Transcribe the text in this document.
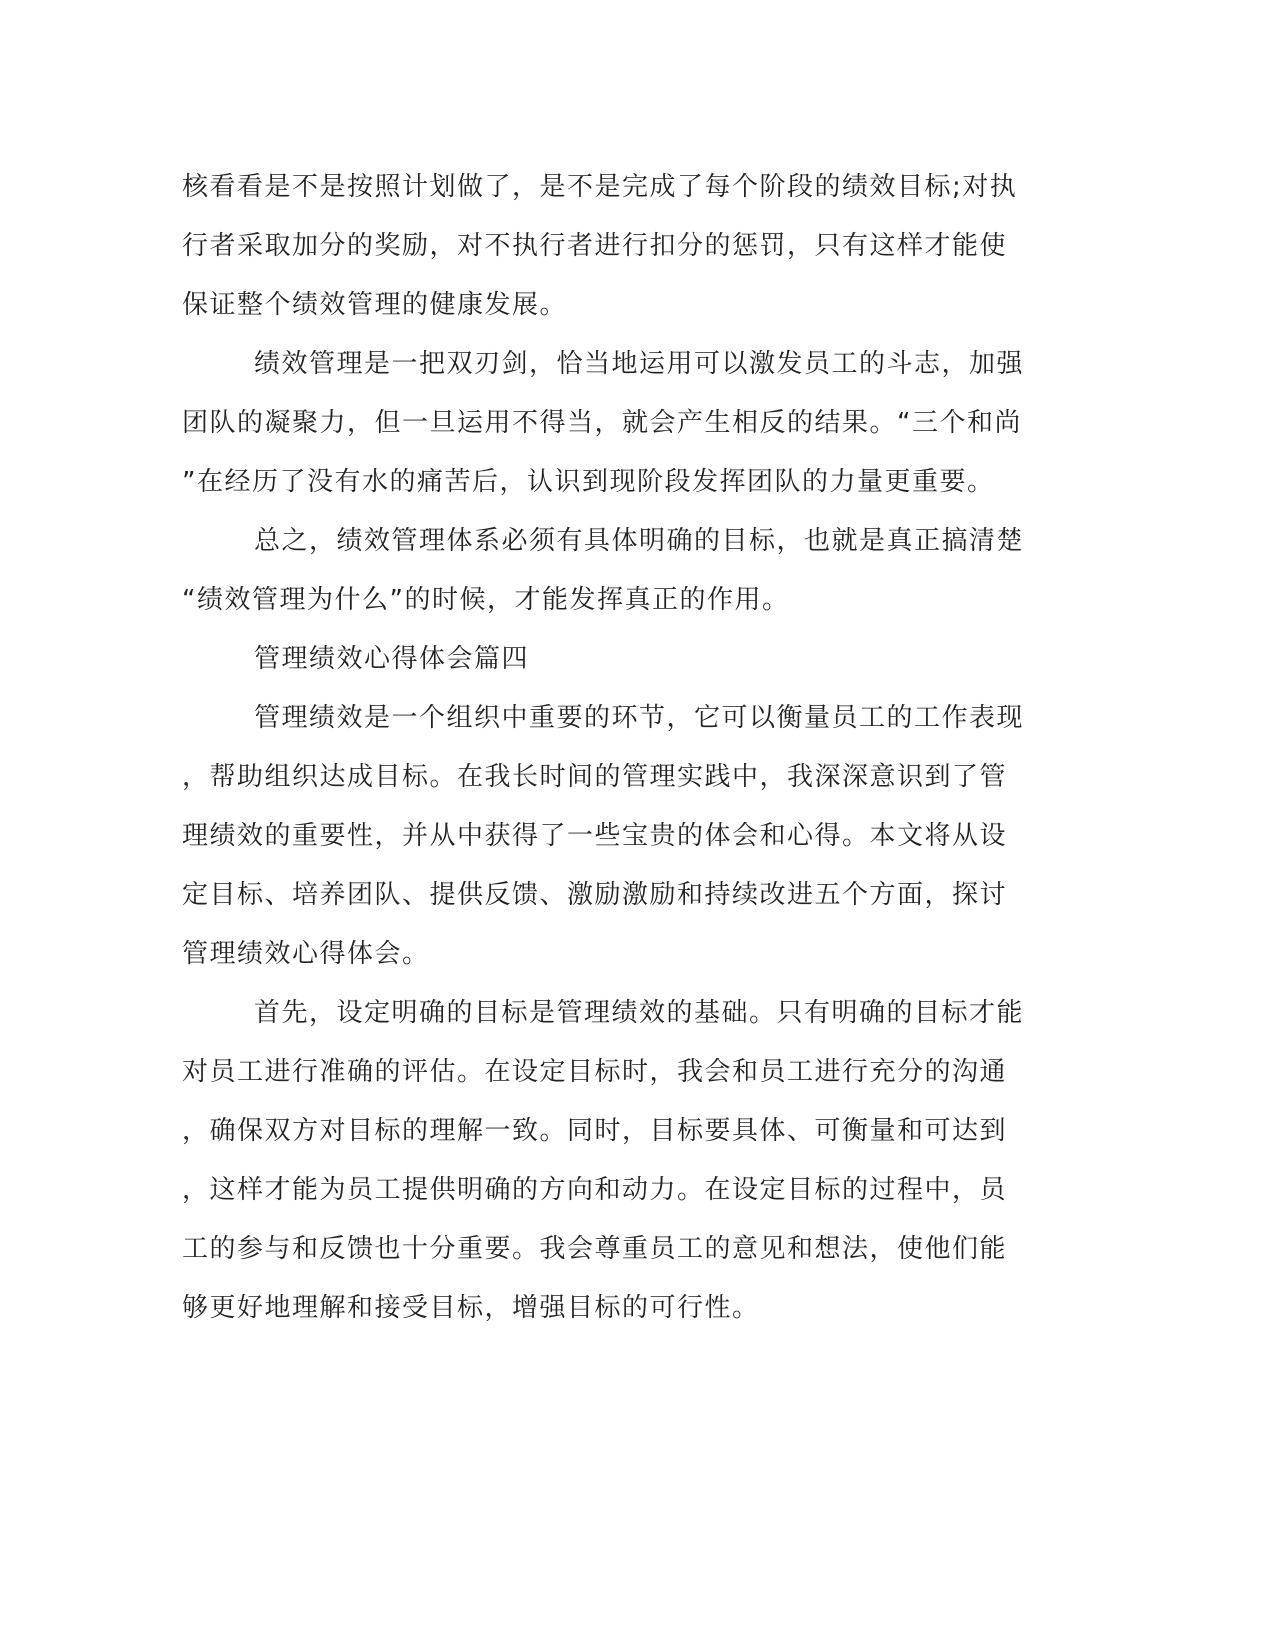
核看看是不是按照计划做了，是不是完成了每个阶段的绩效目标;对执
行者采取加分的奖励，对不执行者进行扣分的惩罚，只有这样才能使
保证整个绩效管理的健康发展。

绩效管理是一把双刃剑，恰当地运用可以激发员工的斗志，加强
团队的凝聚力，但一旦运用不得当，就会产生相反的结果。“三个和尚
”在经历了没有水的痛苦后，认识到现阶段发挥团队的力量更重要。

总之，绩效管理体系必须有具体明确的目标，也就是真正搞清楚
“绩效管理为什么”的时候，才能发挥真正的作用。

管理绩效心得体会篇四

管理绩效是一个组织中重要的环节，它可以衡量员工的工作表现
，帮助组织达成目标。在我长时间的管理实践中，我深深意识到了管
理绩效的重要性，并从中获得了一些宝贵的体会和心得。本文将从设
定目标、培养团队、提供反馈、激励激励和持续改进五个方面，探讨
管理绩效心得体会。

首先，设定明确的目标是管理绩效的基础。只有明确的目标才能
对员工进行准确的评估。在设定目标时，我会和员工进行充分的沟通
，确保双方对目标的理解一致。同时，目标要具体、可衡量和可达到
，这样才能为员工提供明确的方向和动力。在设定目标的过程中，员
工的参与和反馈也十分重要。我会尊重员工的意见和想法，使他们能
够更好地理解和接受目标，增强目标的可行性。
